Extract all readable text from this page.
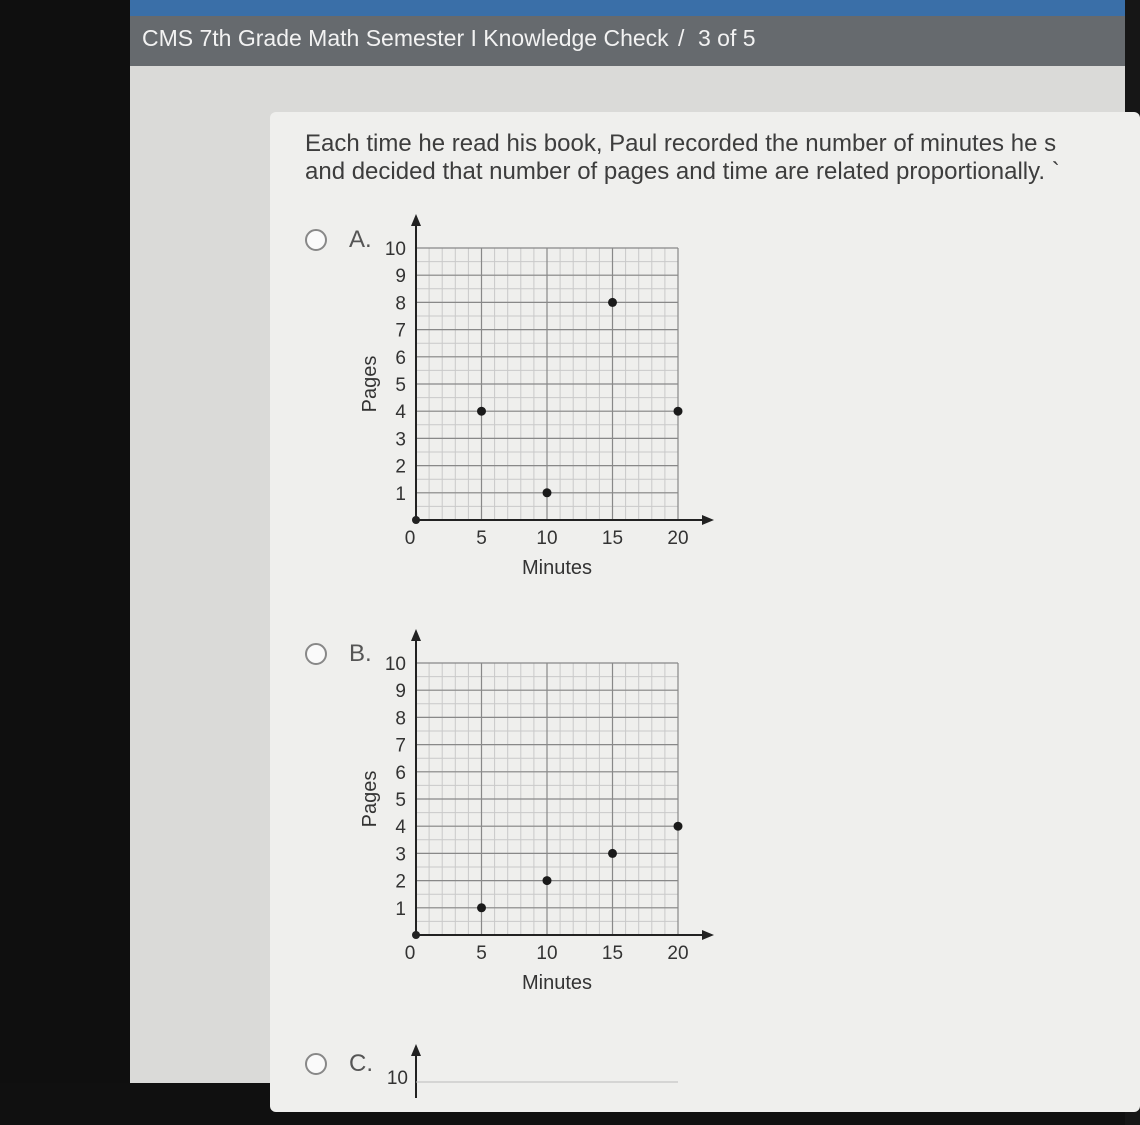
CMS 7th Grade Math Semester I Knowledge Check / 3 of 5
Each time he read his book, Paul recorded the number of minutes he s
and decided that number of pages and time are related proportionally. `
A.
1
2
3
4
5
6
7
8
9
10
0	5	10 15 20
Minutes
Pages
B.
1
2
3
4
5
6
7
8
9
10
0	5	10 15 20
Minutes
Pages
C.
10
